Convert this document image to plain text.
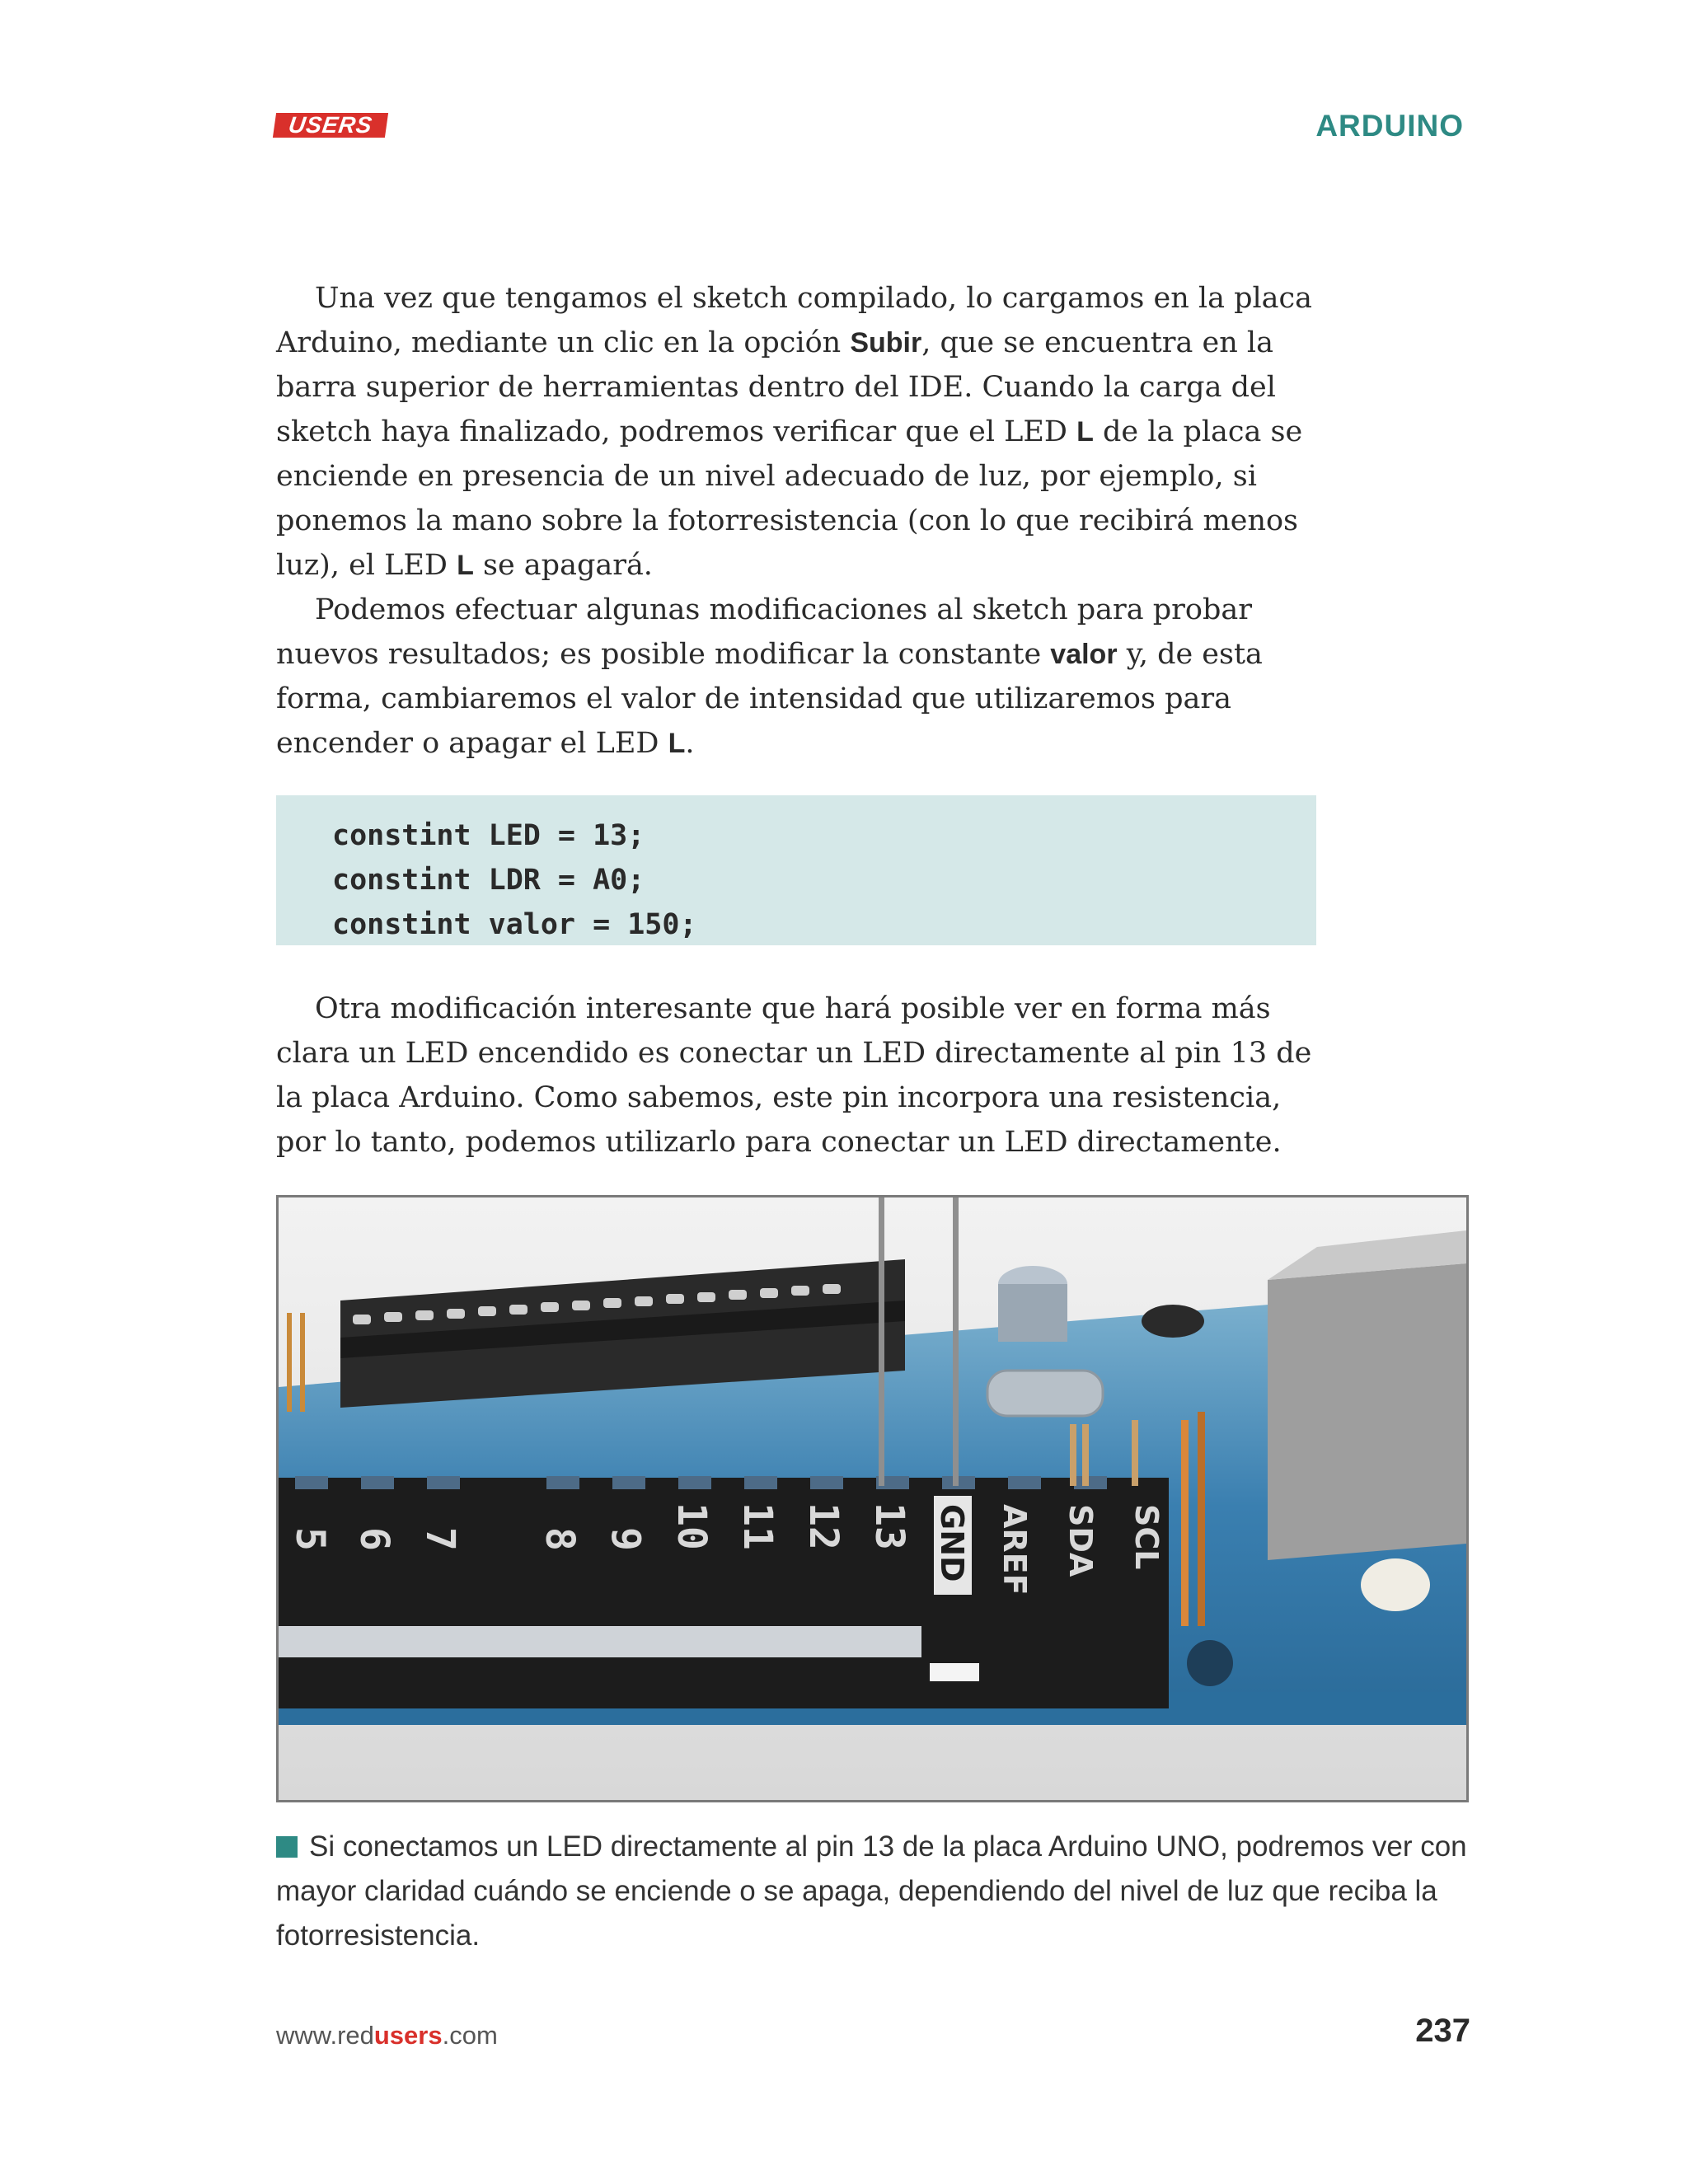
USERS	ARDUINO

Una vez que tengamos el sketch compilado, lo cargamos en la placa Arduino, mediante un clic en la opción Subir, que se encuentra en la barra superior de herramientas dentro del IDE. Cuando la carga del sketch haya finalizado, podremos verificar que el LED L de la placa se enciende en presencia de un nivel adecuado de luz, por ejemplo, si ponemos la mano sobre la fotorresistencia (con lo que recibirá menos luz), el LED L se apagará.

Podemos efectuar algunas modificaciones al sketch para probar nuevos resultados; es posible modificar la constante valor y, de esta forma, cambiaremos el valor de intensidad que utilizaremos para encender o apagar el LED L.

constint LED = 13;
constint LDR = A0;
constint valor = 150;

Otra modificación interesante que hará posible ver en forma más clara un LED encendido es conectar un LED directamente al pin 13 de la placa Arduino. Como sabemos, este pin incorpora una resistencia, por lo tanto, podemos utilizarlo para conectar un LED directamente.

5 6 7 8 9 10 11 12 13 GND AREF SDA SCL
Si conectamos un LED directamente al pin 13 de la placa Arduino UNO, podremos ver con mayor claridad cuándo se enciende o se apaga, dependiendo del nivel de luz que reciba la fotorresistencia.
www.redusers.com	237
